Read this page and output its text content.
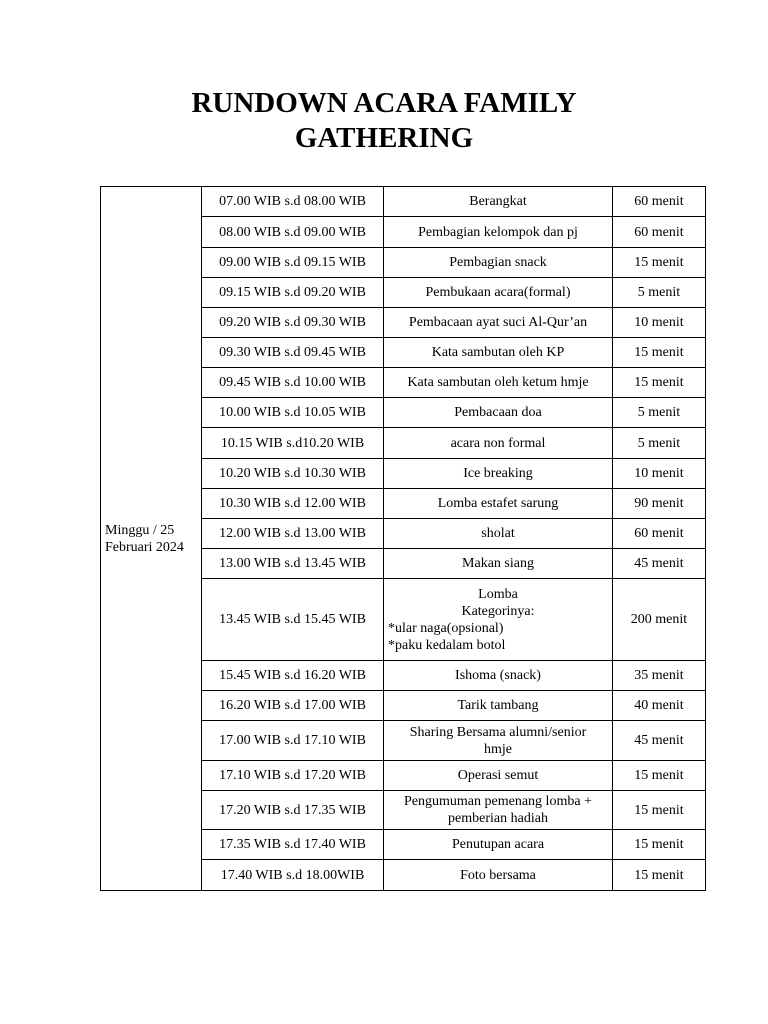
RUNDOWN ACARA FAMILY
GATHERING
Minggu / 25
Februari 2024	07.00 WIB s.d 08.00 WIB	Berangkat	60 menit
	08.00 WIB s.d 09.00 WIB	Pembagian kelompok dan pj	60 menit
	09.00 WIB s.d 09.15 WIB	Pembagian snack	15 menit
	09.15 WIB s.d 09.20 WIB	Pembukaan acara(formal)	5 menit
	09.20 WIB s.d 09.30 WIB	Pembacaan ayat suci Al-Qur’an	10 menit
	09.30 WIB s.d 09.45 WIB	Kata sambutan oleh KP	15 menit
	09.45 WIB s.d 10.00 WIB	Kata sambutan oleh ketum hmje	15 menit
	10.00 WIB s.d 10.05 WIB	Pembacaan doa	5 menit
	10.15 WIB s.d10.20 WIB	acara non formal	5 menit
	10.20 WIB s.d 10.30 WIB	Ice breaking	10 menit
	10.30 WIB s.d 12.00 WIB	Lomba estafet sarung	90 menit
	12.00 WIB s.d 13.00 WIB	sholat	60 menit
	13.00 WIB s.d 13.45 WIB	Makan siang	45 menit
	13.45 WIB s.d 15.45 WIB	Lomba
Kategorinya:
*ular naga(opsional)
*paku kedalam botol	200 menit
	15.45 WIB s.d 16.20 WIB	Ishoma (snack)	35 menit
	16.20 WIB s.d 17.00 WIB	Tarik tambang	40 menit
	17.00 WIB s.d 17.10 WIB	Sharing Bersama alumni/senior
hmje	45 menit
	17.10 WIB s.d 17.20 WIB	Operasi semut	15 menit
	17.20 WIB s.d 17.35 WIB	Pengumuman pemenang lomba +
pemberian hadiah	15 menit
	17.35 WIB s.d 17.40 WIB	Penutupan acara	15 menit
	17.40 WIB s.d 18.00WIB	Foto bersama	15 menit
